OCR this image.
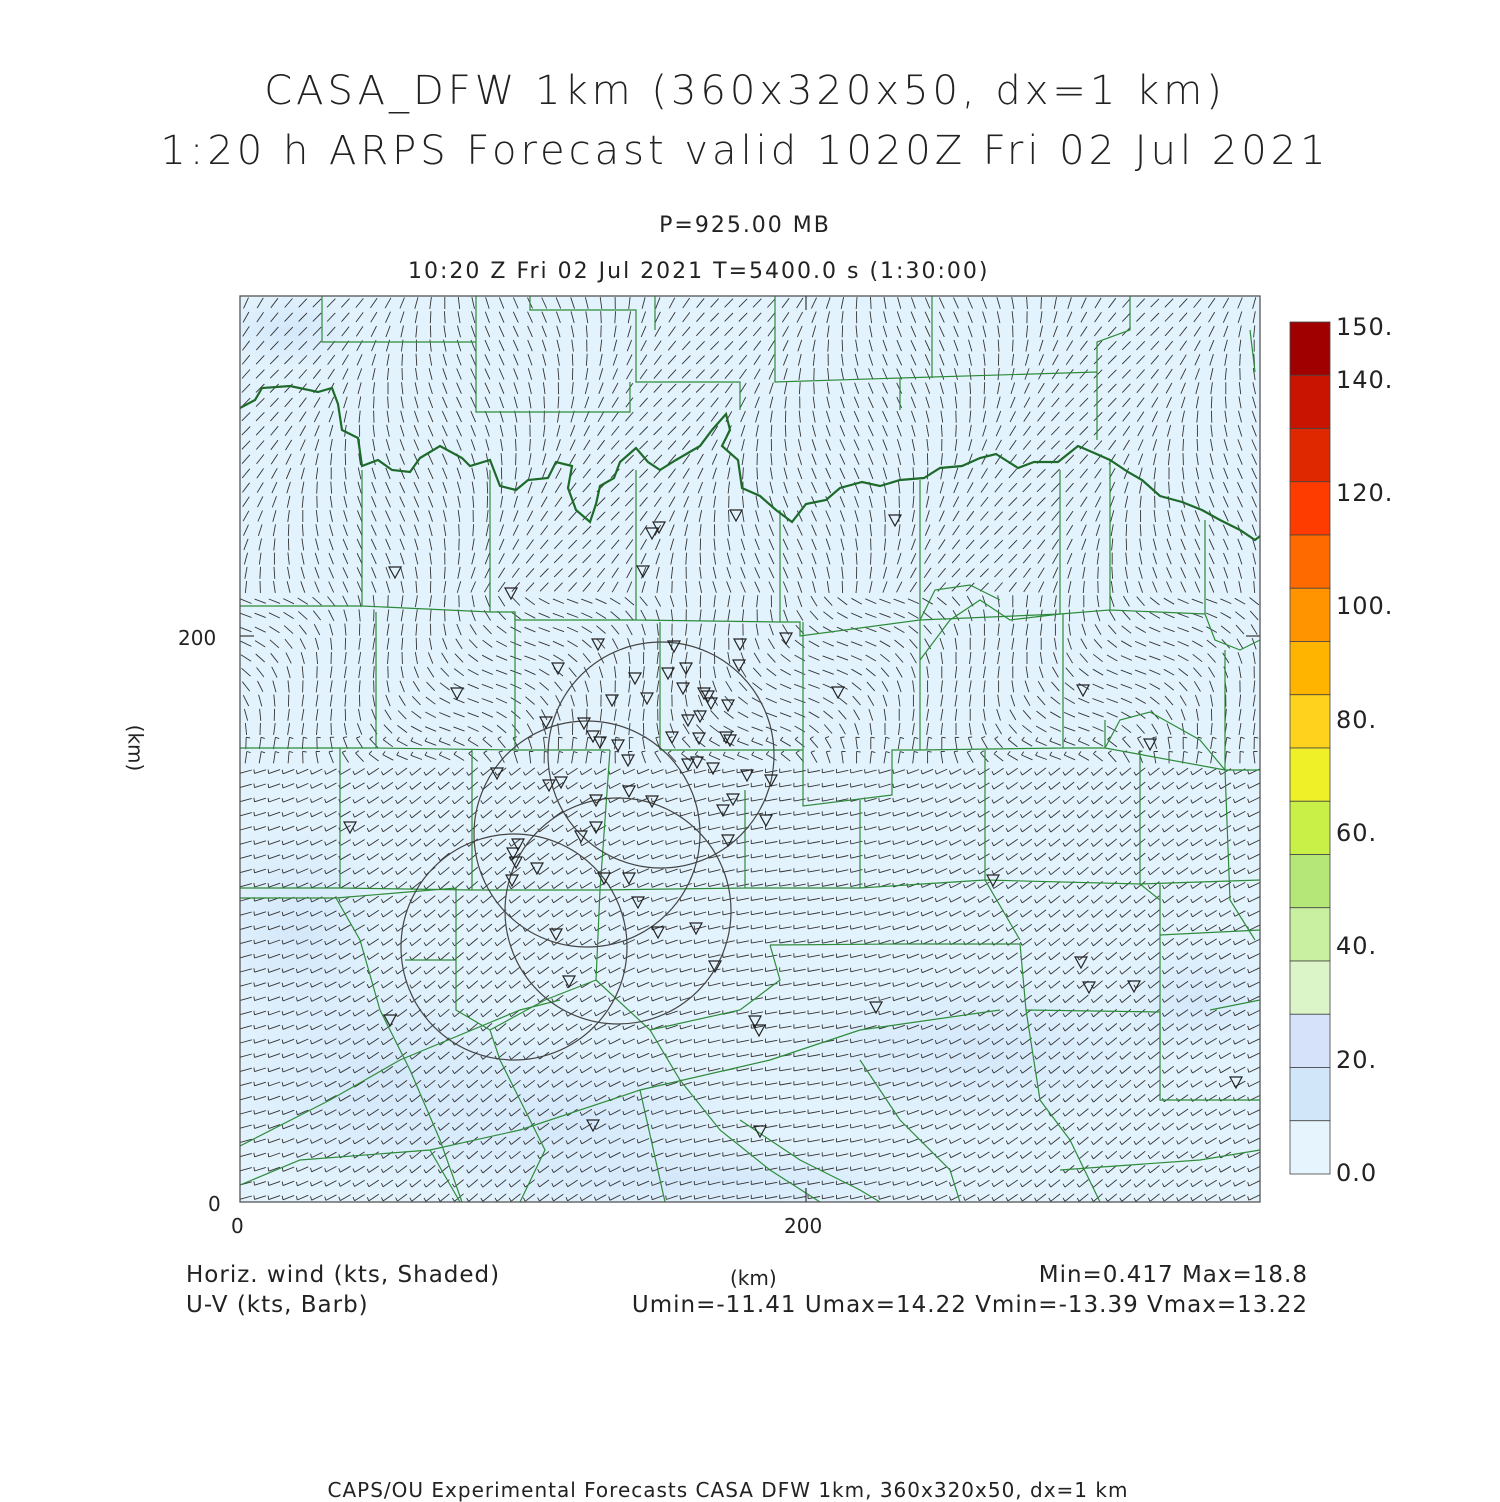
CASA_DFW 1km (360x320x50, dx=1 km)
1:20 h ARPS Forecast valid 1020Z Fri 02 Jul 2021
P=925.00 MB
10:20 Z Fri 02 Jul 2021 T=5400.0 s (1:30:00)
0	200
200
0
(km)
150.
140.
120.
100.
80.
60.
40.
20.
0.0
Horiz. wind (kts, Shaded)
U-V (kts, Barb)
(km)	Min=0.417 Max=18.8
Umin=-11.41 Umax=14.22 Vmin=-13.39 Vmax=13.22
CAPS/OU Experimental Forecasts CASA DFW 1km, 360x320x50, dx=1 km
